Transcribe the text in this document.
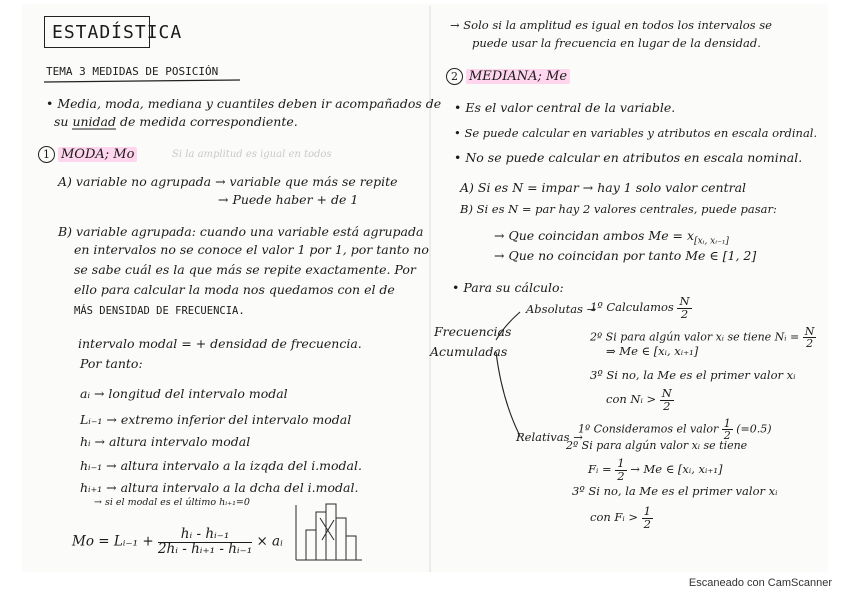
ESTADÍSTICA
TEMA 3 MEDIDAS DE POSICIÓN
• Media, moda, mediana y cuantiles deben ir acompañados de
su unidad de medida correspondiente.
1 MODA; Mo	Si la amplitud es igual en todos
A) variable no agrupada → variable que más se repite
→ Puede haber + de 1
B) variable agrupada: cuando una variable está agrupada
en intervalos no se conoce el valor 1 por 1, por tanto no
se sabe cuál es la que más se repite exactamente. Por
ello para calcular la moda nos quedamos con el de
MÁS DENSIDAD DE FRECUENCIA.
intervalo modal = + densidad de frecuencia.
Por tanto:
aᵢ → longitud del intervalo modal
Lᵢ₋₁ → extremo inferior del intervalo modal
hᵢ → altura intervalo modal
hᵢ₋₁ → altura intervalo a la izqda del i.modal.
hᵢ₊₁ → altura intervalo a la dcha del i.modal.
→ si el modal es el último hᵢ₊₁=0
Mo = Lᵢ₋₁ + $\frac{\text{hᵢ - hᵢ₋₁}}{\text{2hᵢ - hᵢ₊₁ - hᵢ₋₁}}$ × aᵢ
→ Solo si la amplitud es igual en todos los intervalos se
puede usar la frecuencia en lugar de la densidad.
2 MEDIANA; Me
• Es el valor central de la variable.
• Se puede calcular en variables y atributos en escala ordinal.
• No se puede calcular en atributos en escala nominal.
A) Si es N = impar → hay 1 solo valor central
B) Si es N = par hay 2 valores centrales, puede pasar:
→ Que coincidan ambos $Me = x_{[xᵢ, xᵢ_{-1}]}$
→ Que no coincidan por tanto Me ∈ [1, 2]
• Para su cálculo:
Frecuencias
Acumuladas
Absolutas →
Relativas →
1º Calculamos $\frac{N}{2}$
2º Si para algún valor xᵢ se tiene Nᵢ = $\frac{N}{2}$
⇒ Me ∈ [xᵢ, xᵢ₊₁]
3º Si no, la Me es el primer valor xᵢ
con Nᵢ > $\frac{N}{2}$
1º Consideramos el valor $\frac{1}{2} (=0.5)$
2º Si para algún valor xᵢ se tiene
Fᵢ = $\frac{1}{2} \to Me$ ∈ [xᵢ, xᵢ₊₁]
3º Si no, la Me es el primer valor xᵢ
con Fᵢ > $\frac{1}{2}$
Escaneado con CamScanner
